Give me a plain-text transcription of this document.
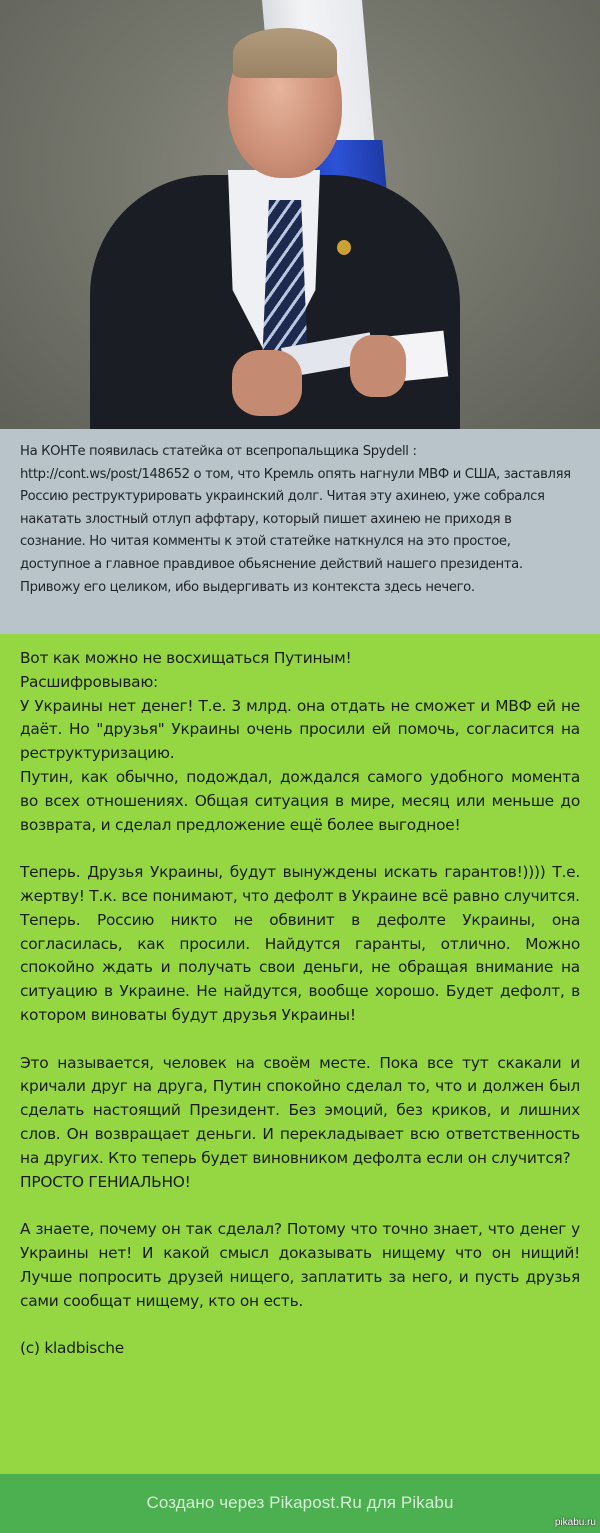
На КОНТе появилась статейка от всепропальщика Spydell : http://cont.ws/post/148652 о том, что Кремль опять нагнули МВФ и США, заставляя Россию реструктурировать украинский долг. Читая эту ахинею, уже собрался накатать злостный отлуп аффтару, который пишет ахинею не приходя в сознание. Но читая комменты к этой статейке наткнулся на это простое, доступное а главное правдивое обьяснение действий нашего президента. Привожу его целиком, ибо выдергивать из контекста здесь нечего.

Вот как можно не восхищаться Путиным!

Расшифровываю:

У Украины нет денег! Т.е. 3 млрд. она отдать не сможет и МВФ ей не даёт. Но "друзья" Украины очень просили ей помочь, согласится на реструктуризацию.

Путин, как обычно, подождал, дождался самого удобного момента во всех отношениях. Общая ситуация в мире, месяц или меньше до возврата, и сделал предложение ещё более выгодное!

Теперь. Друзья Украины, будут вынуждены искать гарантов!)))) Т.е. жертву! Т.к. все понимают, что дефолт в Украине всё равно случится.

Теперь. Россию никто не обвинит в дефолте Украины, она согласилась, как просили. Найдутся гаранты, отлично. Можно спокойно ждать и получать свои деньги, не обращая внимание на ситуацию в Украине. Не найдутся, вообще хорошо. Будет дефолт, в котором виноваты будут друзья Украины!

Это называется, человек на своём месте. Пока все тут скакали и кричали друг на друга, Путин спокойно сделал то, что и должен был сделать настоящий Президент. Без эмоций, без криков, и лишних слов. Он возвращает деньги. И перекладывает всю ответственность на других. Кто теперь будет виновником дефолта если он случится?

ПРОСТО ГЕНИАЛЬНО!

А знаете, почему он так сделал? Потому что точно знает, что денег у Украины нет! И какой смысл доказывать нищему что он нищий! Лучше попросить друзей нищего, заплатить за него, и пусть друзья сами сообщат нищему, кто он есть.

(c) kladbische

Создано через Pikapost.Ru для Pikabu
pikabu.ru
